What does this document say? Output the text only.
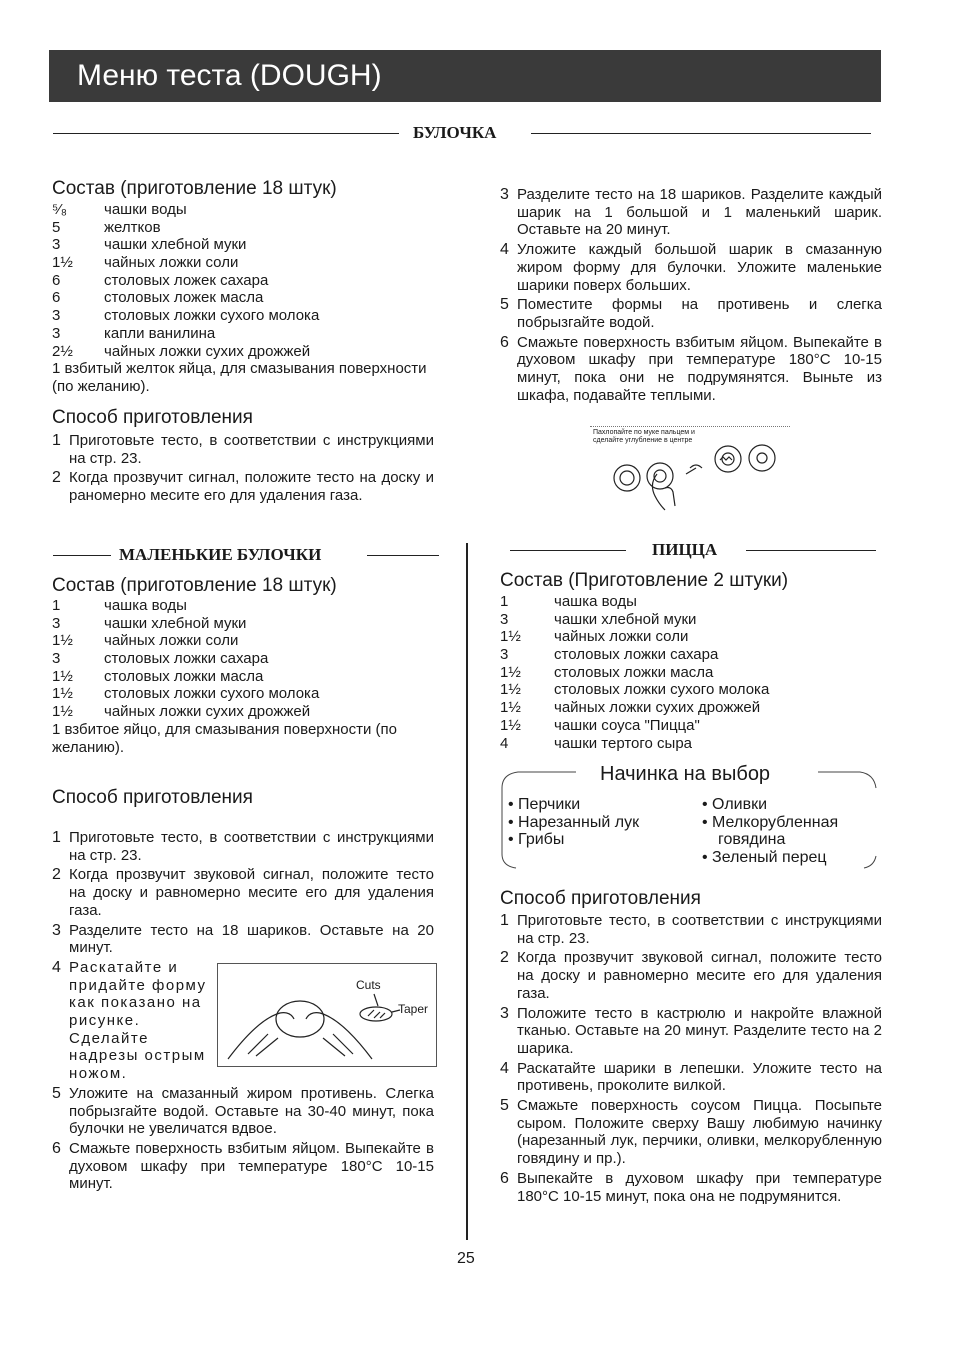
Меню теста (DOUGH)
БУЛОЧКА
Состав (приготовление 18 штук)
⁵⁄₈ чашки воды
5	желтков
3	чашки хлебной муки
1½ чайных ложки соли
6	столовых ложек сахара
6	столовых ложек масла
3	столовых ложки сухого молока
3	капли ванилина
2½ чайных ложки сухих дрожжей

1 взбитый желток яйца, для смазывания поверхности (по желанию).

Способ приготовления
1 Приготовьте тесто, в соответствии с инструкциями на стр. 23.
2 Когда прозвучит сигнал, положите тесто на доску и раномерно месите его для удаления газа.
3 Разделите тесто на 18 шариков. Разделите каждый шарик на 1 большой и 1 маленький шарик. Оставьте на 20 минут.
4 Уложите каждый большой шарик в смазанную жиром форму для булочки. Уложите маленькие шарики поверх больших.
5 Поместите формы на противень и слегка побрызгайте водой.
6 Смажьте поверхность взбитым яйцом. Выпекайте в духовом шкафу при температуре 180°С 10-15 минут, пока они не подрумянятся. Выньте из шкафа, подавайте теплыми.
Пахлопайте по муке пальцем и сделайте углубление в центре
МАЛЕНЬКИЕ БУЛОЧКИ
Состав (приготовление 18 штук)
1	чашка воды
3	чашки хлебной муки
1½ чайных ложки соли
3	столовых ложки сахара
1½ столовых ложки масла
1½ столовых ложки сухого молока
1½ чайных ложки сухих дрожжей

1 взбитое яйцо, для смазывания поверхности (по желанию).

Способ приготовления
1 Приготовьте тесто, в соответствии с инструкциями на стр. 23.
2 Когда прозвучит звуковой сигнал, положите тесто на доску и равномерно месите его для удаления газа.
3 Разделите тесто на 18 шариков. Оставьте на 20 минут.
4 Раскатайте и придайте форму как показано на рисунке. Сделайте надрезы острым ножом.
5 Уложите на смазанный жиром противень. Слегка побрызгайте водой. Оставьте на 30-40 минут, пока булочки не увеличатся вдвое.
6 Смажьте поверхность взбитым яйцом. Выпекайте в духовом шкафу при температуре 180°С 10-15 минут.
Cuts
Taper
ПИЦЦА
Состав (Приготовление 2 штуки)
1	чашка воды
3	чашки хлебной муки
1½ чайных ложки соли
3	столовых ложки сахара
1½ столовых ложки масла
1½ столовых ложки сухого молока
1½ чайных ложки сухих дрожжей
1½ чашки соуса "Пицца"
4	чашки тертого сыра
Начинка на выбор
• Перчики
• Нарезанный лук
• Грибы
• Оливки
• Мелкорубленная
говядина
• Зеленый перец
Способ приготовления
1 Приготовьте тесто, в соответствии с инструкциями на стр. 23.
2 Когда прозвучит звуковой сигнал, положите тесто на доску и равномерно месите его для удаления газа.
3 Положите тесто в кастрюлю и накройте влажной тканью. Оставьте на 20 минут. Разделите тесто на 2 шарика.
4 Раскатайте шарики в лепешки. Уложите тесто на противень, проколите вилкой.
5 Смажьте поверхность соусом Пицца. Посыпьте сыром. Положите сверху Вашу любимую начинку (нарезанный лук, перчики, оливки, мелкорубленную говядину и пр.).
6 Выпекайте в духовом шкафу при температуре 180°С 10-15 минут, пока она не подрумянится.
25
